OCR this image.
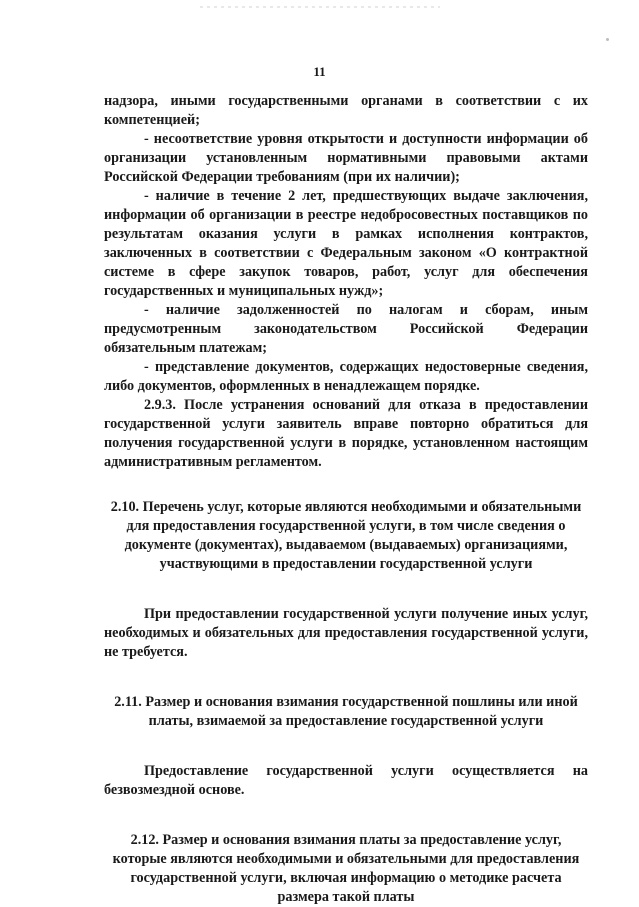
11

надзора, иными государственными органами в соответствии с их компетенцией;

- несоответствие уровня открытости и доступности информации об организации установленным нормативными правовыми актами Российской Федерации требованиям (при их наличии);

- наличие в течение 2 лет, предшествующих выдаче заключения, информации об организации в реестре недобросовестных поставщиков по результатам оказания услуги в рамках исполнения контрактов, заключенных в соответствии с Федеральным законом «О контрактной системе в сфере закупок товаров, работ, услуг для обеспечения государственных и муниципальных нужд»;

- наличие задолженностей по налогам и сборам, иным предусмотренным законодательством Российской Федерации обязательным платежам;

- представление документов, содержащих недостоверные сведения, либо документов, оформленных в ненадлежащем порядке.

2.9.3. После устранения оснований для отказа в предоставлении государственной услуги заявитель вправе повторно обратиться для получения государственной услуги в порядке, установленном настоящим административным регламентом.

2.10. Перечень услуг, которые являются необходимыми и обязательными для предоставления государственной услуги, в том числе сведения о документе (документах), выдаваемом (выдаваемых) организациями, участвующими в предоставлении государственной услуги

При предоставлении государственной услуги получение иных услуг, необходимых и обязательных для предоставления государственной услуги, не требуется.

2.11. Размер и основания взимания государственной пошлины или иной платы, взимаемой за предоставление государственной услуги

Предоставление государственной услуги осуществляется на безвозмездной основе.

2.12. Размер и основания взимания платы за предоставление услуг, которые являются необходимыми и обязательными для предоставления государственной услуги, включая информацию о методике расчета размера такой платы
